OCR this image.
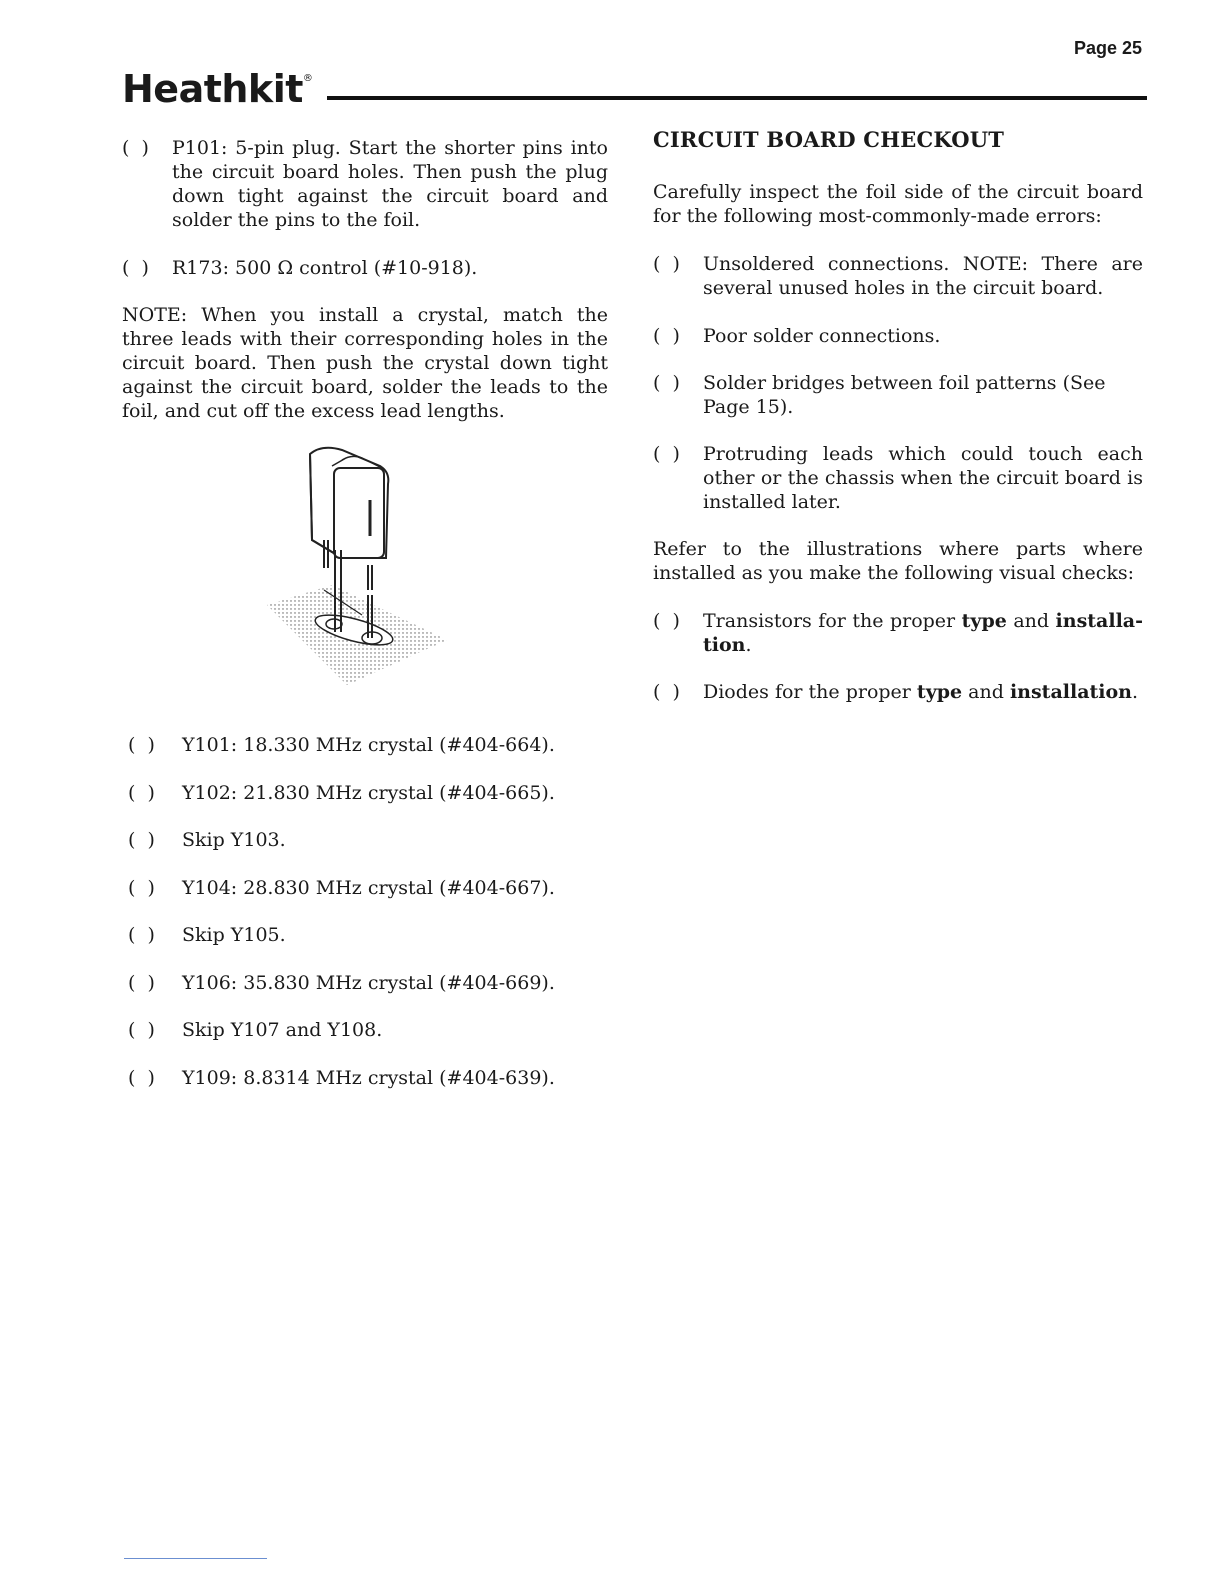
Page 25
Heathkit®
(  )	P101: 5-pin plug. Start the shorter pins into the circuit board holes. Then push the plug down tight against the circuit board and solder the pins to the foil.
(  )	R173: 500 Ω control (#10-918).
NOTE: When you install a crystal, match the three leads with their corresponding holes in the circuit board. Then push the crystal down tight against the circuit board, solder the leads to the foil, and cut off the excess lead lengths.
(  )	Y101: 18.330 MHz crystal (#404-664).
(  )	Y102: 21.830 MHz crystal (#404-665).
(  )	Skip Y103.
(  )	Y104: 28.830 MHz crystal (#404-667).
(  )	Skip Y105.
(  )	Y106: 35.830 MHz crystal (#404-669).
(  )	Skip Y107 and Y108.
(  )	Y109: 8.8314 MHz crystal (#404-639).
CIRCUIT BOARD CHECKOUT
Carefully inspect the foil side of the circuit board for the following most-commonly-made errors:
(  )	Unsoldered connections. NOTE: There are several unused holes in the circuit board.
(  )	Poor solder connections.
(  )	Solder bridges between foil patterns (See Page 15).
(  )	Protruding leads which could touch each other or the chassis when the circuit board is installed later.
Refer to the illustrations where parts where installed as you make the following visual checks:
(  )	Transistors for the proper type and installa-tion.
(  )	Diodes for the proper type and installation.
